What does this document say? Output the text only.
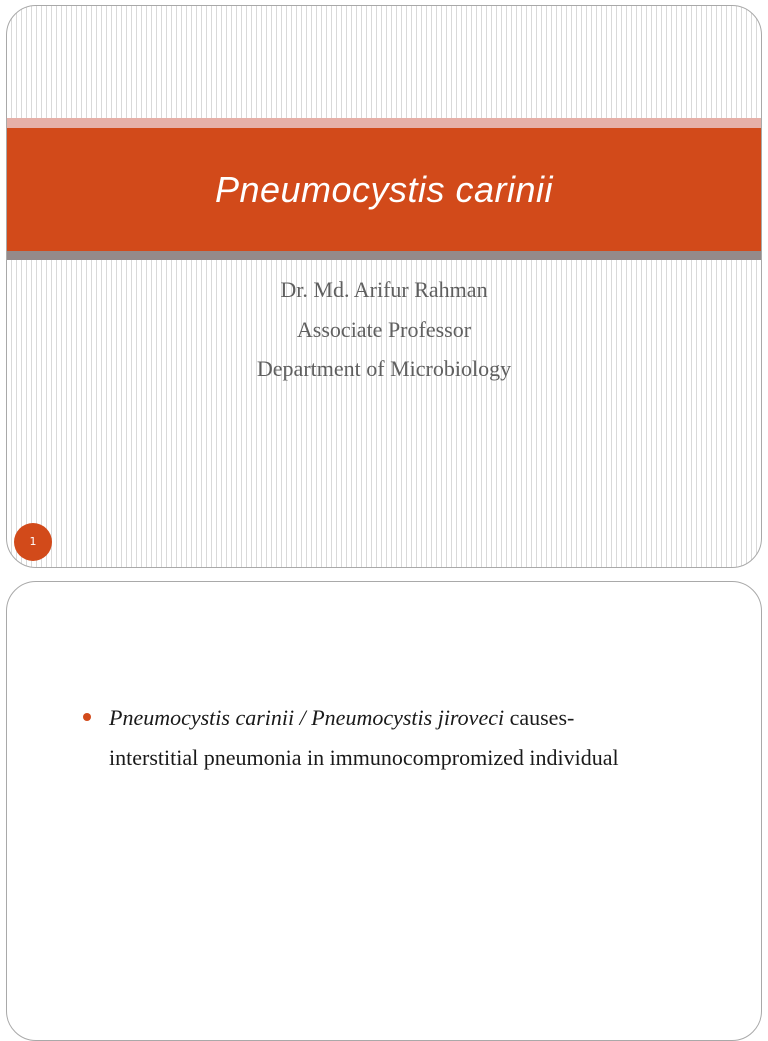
Pneumocystis carinii
Dr. Md. Arifur Rahman
Associate Professor
Department of Microbiology
1
Pneumocystis carinii / Pneumocystis jiroveci causes-
interstitial pneumonia in immunocompromized individual
